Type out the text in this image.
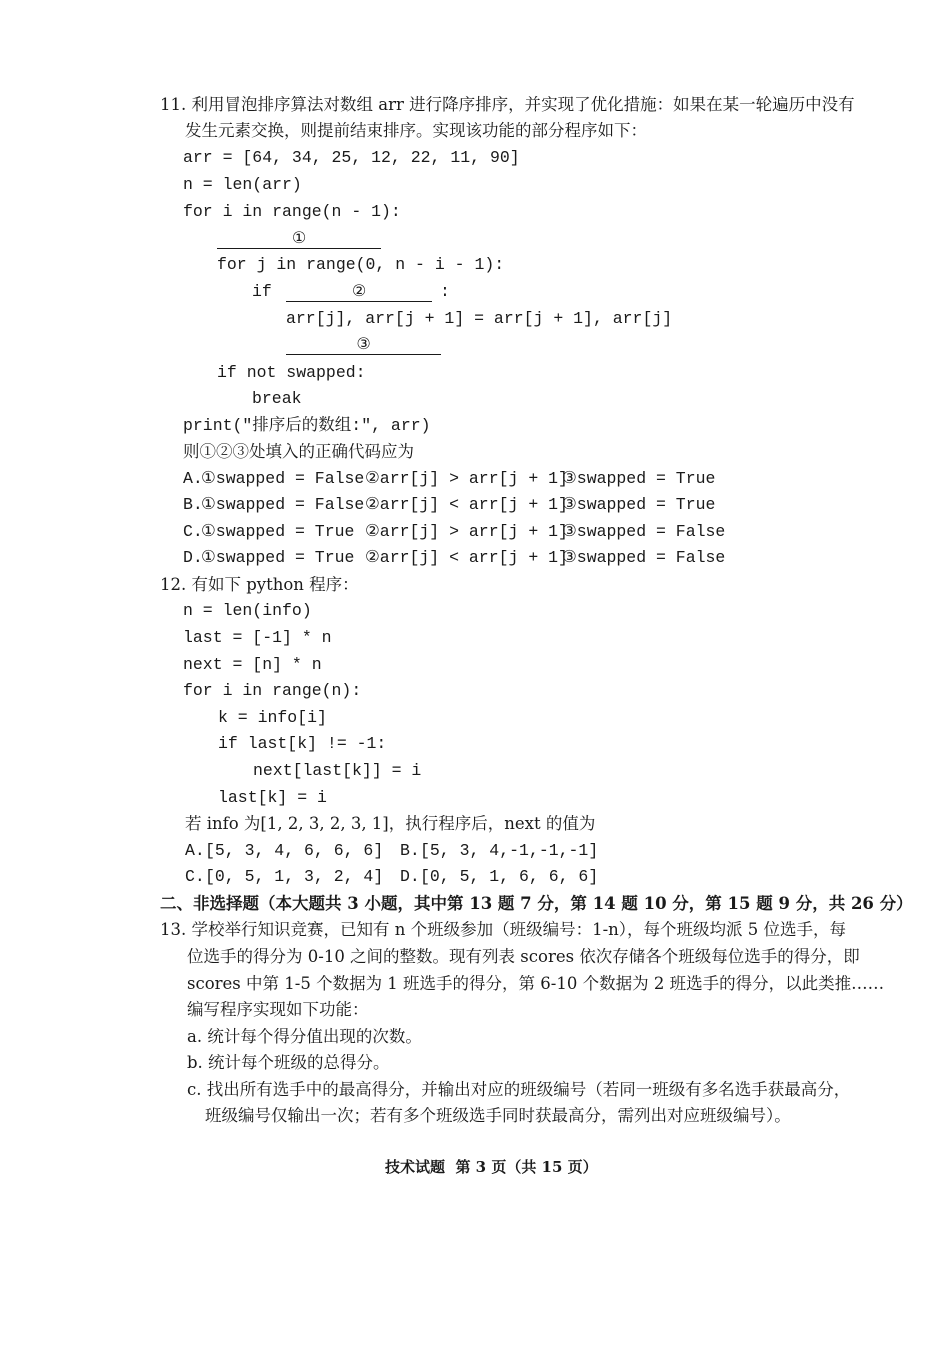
11. 利用冒泡排序算法对数组 arr 进行降序排序，并实现了优化措施：如果在某一轮遍历中没有
发生元素交换，则提前结束排序。实现该功能的部分程序如下：
arr = [64, 34, 25, 12, 22, 11, 90]
n = len(arr)
for i in range(n - 1):
①
for j in range(0, n - i - 1):
if	②	:
arr[j], arr[j + 1] = arr[j + 1], arr[j]
③
if not swapped:
break
print("排序后的数组:", arr)
则①②③处填入的正确代码应为
A.
①swapped = False ②arr[j] > arr[j + 1]
③swapped = True
B.
①swapped = False ②arr[j] < arr[j + 1]
③swapped = True
C.
①swapped = True ②arr[j] > arr[j + 1]
③swapped = False
D.
①swapped = True ②arr[j] < arr[j + 1]
③swapped = False
12. 有如下 python 程序：
n = len(info)
last = [-1] * n
next = [n] * n
for i in range(n):
k = info[i]
if last[k] != -1:
next[last[k]] = i
last[k] = i
若 info 为[1, 2, 3, 2, 3, 1]，执行程序后，next 的值为
A. [5, 3, 4, 6, 6, 6] B. [5, 3, 4,-1,-1,-1]
C. [0, 5, 1, 3, 2, 4] D. [0, 5, 1, 6, 6, 6]
二、非选择题（本大题共 3 小题，其中第 13 题 7 分，第 14 题 10 分，第 15 题 9 分，共 26 分）
13. 学校举行知识竞赛，已知有 n 个班级参加（班级编号：1-n），每个班级均派 5 位选手，每
位选手的得分为 0-10 之间的整数。现有列表 scores 依次存储各个班级每位选手的得分，即
scores 中第 1-5 个数据为 1 班选手的得分，第 6-10 个数据为 2 班选手的得分，以此类推……
编写程序实现如下功能：
a. 统计每个得分值出现的次数。
b. 统计每个班级的总得分。
c. 找出所有选手中的最高得分，并输出对应的班级编号（若同一班级有多名选手获最高分，
班级编号仅输出一次；若有多个班级选手同时获最高分，需列出对应班级编号）。
技术试题  第 3 页（共 15 页）
